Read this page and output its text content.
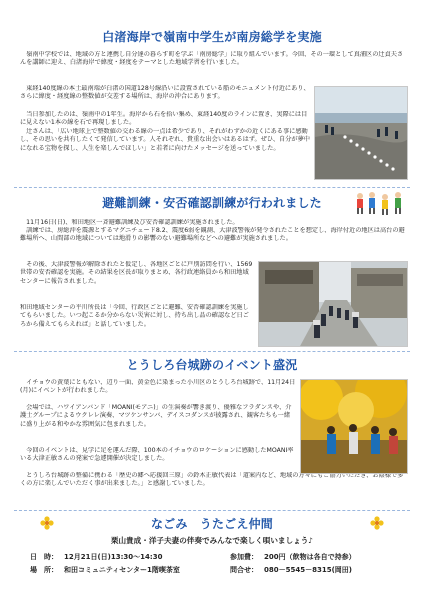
白渚海岸で嶺南中学生が南房総学を実施
　嶺南中学校では、地域の方と連携し自分達の暮らす町を学ぶ「南房総学」に取り組んでいます。今回、その一環として真浦区の辻貞夫さんを講師に迎え、白渚海岸で緯度・経度をテーマとした地域学習を行いました。
　東経140度線の本土最南端が白渚の国道128号線沿いに設置されている船のモニュメント付近にあり、さらに緯度・経度線の整数値が交差する場所は、海岸の沖合にあります。
　当日参加したのは、嶺南中の1年生。海岸から石を拾い集め、東経140度のラインに置き、実際には目に見えない1本の線を石で再現しました。
　辻さんは、「広い地球上で整数値の交わる線の一点は希少であり、それがわずかの近くにある事に感動し、その思いを共有したくて発信しています。人それぞれ、貴重な出会いはあるはず。ぜひ、自分が夢中になれる宝物を探し、人生を楽しんでほしい」と若者に向けたメッセージを送っていました。
避難訓練・安否確認訓練が行われました
　11月16日(日)、和田地区一斉避難訓練及び安否確認訓練が実施されました。
　訓練では、房総沖を震源とするマグニチュード8.2、震度6弱を観測、大津波警報が発令されたことを想定し、海岸付近の地区は高台の避難場所へ、山間部の地域については地滑りの影響のない避難場所などへの避難が実施されました。
　その後、大津波警報が解除されたと仮定し、各地区ごとに戸別訪問を行い、1569世帯の安否確認を実施。その結果を区長が取りまとめ、各行政連絡員から和田地域センターに報告されました。
和田地域センターの平川所長は「今回、行政区ごとに避難、安否確認訓練を実施してもらいました。いつ起こるか分からない災害に対し、持ち出し品の確認など日ごろから備えてもらえれば」と話していました。
とうしろ台城跡のイベント盛況
　イチョウの黄葉にともない、辺り一面、黄金色に染まった小川区のとうしろ台城跡で、11月24日(月)にイベントが行われました。
　会場では、ハワイアンバンド「MOANI(モアニ)」の生演奏が響き渡り、優雅なフラダンスや、介護士グループによるウクレレ演奏、マツケンサンバ、デイスコダンスが披露され、観客たちも一緒に盛り上がる和やかな雰囲気に包まれました。
　今回のイベントは、見学に足を運んだ際、100本のイチョウのロケーションに感動したMOANI率いる大津正敏さんの発案で急遽開催が決定しました。
　とうしろ台城跡の整備に携わる「歴史の郷へ応援回三原」の鈴木正敏代表は「道案内など、地域の方々にもご協力いただき、お陰様で多くの方に楽しんでいただく事が出来ました。」と感謝していました。
なごみ　うたごえ仲間
栗山貴成・洋子夫妻の伴奏でみんなで楽しく唄いましょう♪
日　時： 12月21日(日)13:30～14:30	参加費： 200円（飲物は各自で持参）
場　所： 和田コミュニティセンター1階喫茶室	問合せ： 080－5545－8315(岡田)
